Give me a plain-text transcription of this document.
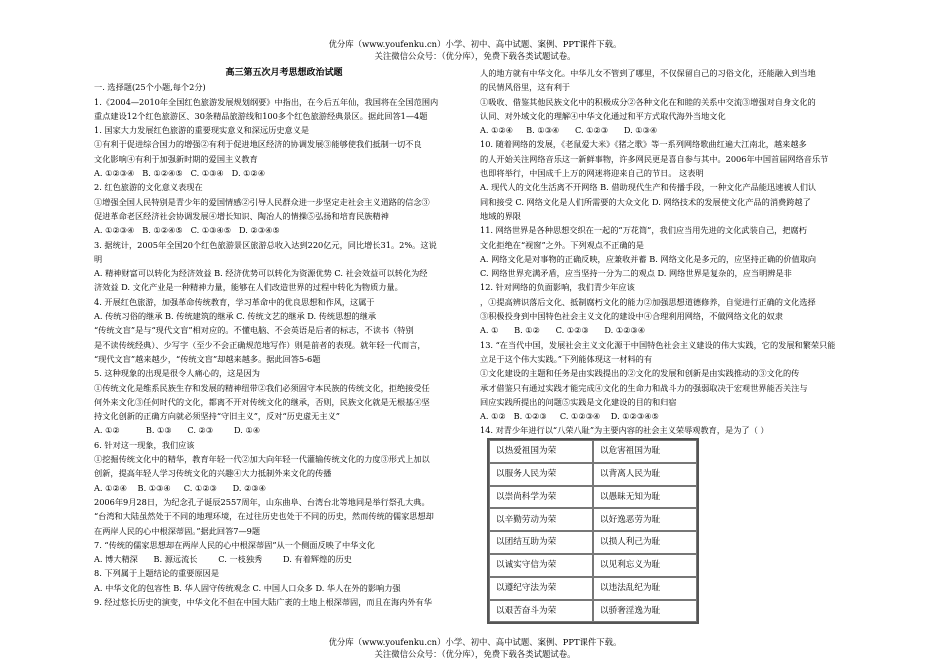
优分库（www.youfenku.cn）小学、初中、高中试题、案例、PPT课件下载。
关注微信公众号：（优分库），免费下载各类试题试卷。

高三第五次月考思想政治试题

一. 选择题(25个小题,每个2分)

1.《2004—2010年全国红色旅游发展规划纲要》中指出，在今后五年仙，我国将在全国范围内

重点建设12个红色旅游区、30条精品旅游线和100多个红色旅游经典景区。据此回答1—4题

1. 国家大力发展红色旅游的重要现实意义和深远历史意义是

①有利于促进综合国力的增强②有利于促进地区经济的协调发展③能够使我们抵制一切不良

文化影响④有利于加强新时期的爱国主义教育

A. ①②③④   B. ①②④⑤   C. ①③④   D. ①②④

2. 红色旅游的文化意义表现在

①增强全国人民特别是青少年的爱国情感②引导人民群众进一步坚定走社会主义道路的信念③

促进革命老区经济社会协调发展④增长知识、陶冶人的情操⑤弘扬和培育民族精神

A. ①②③④   B. ①②④⑤   C. ①③④⑤   D. ②③④⑤

3. 据统计，2005年全国20个红色旅游景区旅游总收入达到220亿元，同比增长31。2%。这说

明

A. 精神财富可以转化为经济效益 B. 经济优势可以转化为资源优势 C. 社会效益可以转化为经

济效益 D. 文化产业是一种精神力量，能够在人们改造世界的过程中转化为物质力量。

4. 开展红色旅游，加强革命传统教育，学习革命中的优良思想和作风，这属于

A. 传统习俗的继承 B. 传统建筑的继承 C. 传统文艺的继承 D. 传统思想的继承

“传统文盲”是与“现代文盲”相对应的。不懂电脑、不会英语是后者的标志，不读书（特别

是不读传统经典）、少写字（至少不会正确规范地写作）则是前者的表现。就年轻一代而言，

“现代文盲”越来越少，“传统文盲”却越来越多。据此回答5-6题

5. 这种现象的出现是很令人痛心的，这是因为

①传统文化是维系民族生存和发展的精神纽带②我们必须固守本民族的传统文化，拒绝接受任

何外来文化③任何时代的文化，都离不开对传统文化的继承，否则，民族文化就是无根基④坚

持文化创新的正确方向就必须坚持“守旧主义”，反对“历史虚无主义”

A. ①②          B. ①③      C. ②③        D. ①④

6. 针对这一现象，我们应该

①挖掘传统文化中的精华，教育年轻一代②加大向年轻一代灌输传统文化的力度③形式上加以

创新，提高年轻人学习传统文化的兴趣④大力抵制外来文化的传播

A. ①②④    B. ①③④     C. ①②③      D. ②③④

2006年9月28日，为纪念孔子诞辰2557周年，山东曲阜、台湾台北等地同是举行祭孔大典。

“台湾和大陆虽然处于不同的地理环境，在过往历史也处于不同的历史，然而传统的儒家思想却

在两岸人民的心中根深蒂固。”据此回答7—9题

7. “传统的儒家思想却在两岸人民的心中根深蒂固”从一个侧面反映了中华文化

A. 博大精深      B. 源远流长        C. 一枝独秀        D. 有着辉煌的历史

8. 下列属于上题结论的重要原因是

A. 中华文化的包容性 B. 华人固守传统观念 C. 中国人口众多 D. 华人在外的影响力强

9. 经过悠长历史的演变，中华文化不但在中国大陆广袤的土地上根深蒂固，而且在海内外有华

人的地方就有中华文化。中华儿女不管到了哪里，不仅保留自己的习俗文化，还能融入到当地

的民情风俗里，这有利于

①吸收、借鉴其他民族文化中的积极成分②各种文化在和睦的关系中交流③增强对自身文化的

认同、对外域文化的理解④中华文化通过和平方式取代海外当地文化

A. ①②④     B. ①③④      C. ①②③      D. ①③④

10. 随着网络的发展，《老鼠爱大米》《猪之歌》等一系列网络歌曲红遍大江南北，越来越多

的人开始关注网络音乐这一新鲜事物，许多网民更是喜自参与其中。2006年中国首届网络音乐节

也即将举行，中国成千上万的网迷将迎来自己的节日。 这表明

A. 现代人的文化生活离不开网络 B. 借助现代生产和传播手段，一种文化产品能迅速被人们认

同和接受 C. 网络文化是人们所需要的大众文化 D. 网络技术的发展使文化产品的消费跨越了

地域的界限

11. 网络世界是各种思想交织在一起的“万花筒”，我们应当用先进的文化武装自己，把腐朽

文化拒绝在“视窗”之外。下列观点不正确的是

A. 网络文化是对事物的正确反映，应兼收并蓄 B. 网络文化是多元的，应坚持正确的价值取向

C. 网络世界充满矛盾，应当坚持一分为二的观点 D. 网络世界是复杂的，应当明辨是非

12. 针对网络的负面影响，我们青少年应该

，①提高辨识落后文化、抵制腐朽文化的能力②加强思想道德修养，自觉进行正确的文化选择

③积极投身到中国特色社会主义文化的建设中④合理利用网络，不做网络文化的奴隶

A. ①      B. ①②      C. ①②③      D. ①②③④

13. “在当代中国，发展社会主义文化源于中国特色社会主义建设的伟大实践，它的发展和繁荣只能

立足于这个伟大实践。”下列能体现这一材料的有

①文化建设的主题和任务是由实践提出的②文化的发展和创新是由实践推动的③文化的传

承才借鉴只有通过实践才能完成④文化的生命力和战斗力的强弱取决于宏观世界能否关注与

回应实践所提出的问题⑤实践是文化建设的目的和归宿

A. ①②   B. ①②③     C. ①②③④    D. ①②③④⑤

14. 对青少年进行以“八荣八耻”为主要内容的社会主义荣辱观教育，是为了（ ）

以热爱祖国为荣	以危害祖国为耻
以服务人民为荣	以背离人民为耻
以崇尚科学为荣	以愚昧无知为耻
以辛勤劳动为荣	以好逸恶劳为耻
以团结互助为荣	以损人利己为耻
以诚实守信为荣	以见利忘义为耻
以遵纪守法为荣	以违法乱纪为耻
以艰苦奋斗为荣	以骄奢淫逸为耻
优分库（www.youfenku.cn）小学、初中、高中试题、案例、PPT课件下载。
关注微信公众号：（优分库），免费下载各类试题试卷。
